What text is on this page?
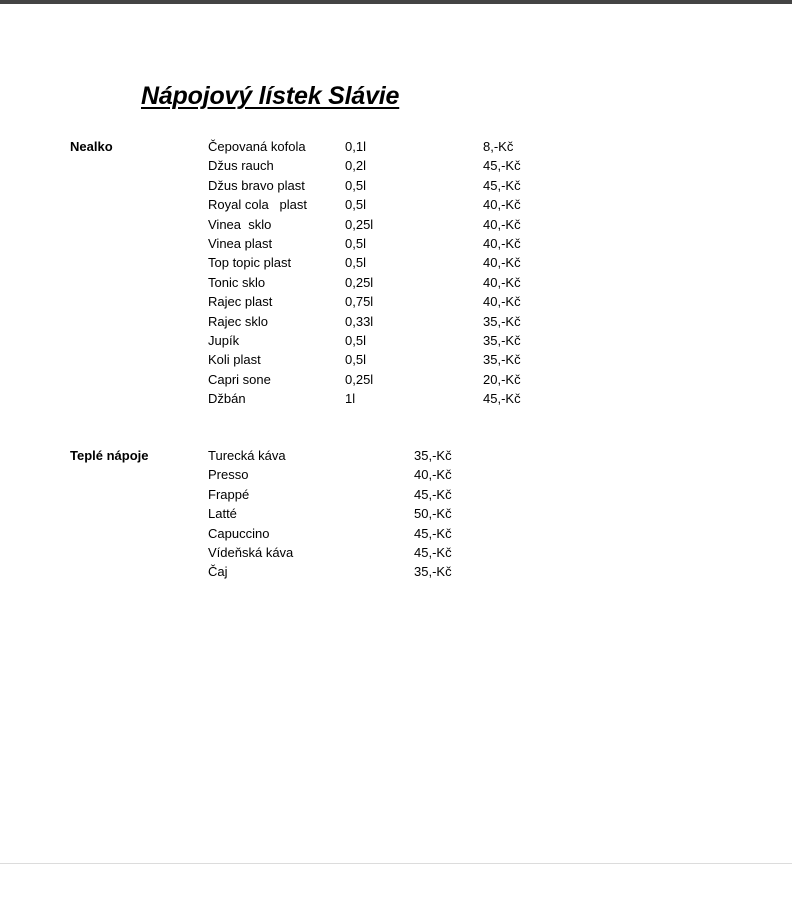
Nápojový lístek Slávie
Nealko	Čepovaná kofola	0,1l	8,-Kč
Džus rauch	0,2l	45,-Kč
Džus bravo plast	0,5l	45,-Kč
Royal cola   plast	0,5l	40,-Kč
Vinea  sklo	0,25l	40,-Kč
Vinea plast	0,5l	40,-Kč
Top topic plast	0,5l	40,-Kč
Tonic sklo	0,25l	40,-Kč
Rajec plast	0,75l	40,-Kč
Rajec sklo	0,33l	35,-Kč
Jupík	0,5l	35,-Kč
Koli plast	0,5l	35,-Kč
Capri sone	0,25l	20,-Kč
Džbán	1l	45,-Kč
Teplé nápoje	Turecká káva	35,-Kč
Presso	40,-Kč
Frappé	45,-Kč
Latté	50,-Kč
Capuccino	45,-Kč
Vídeňská káva	45,-Kč
Čaj	35,-Kč
